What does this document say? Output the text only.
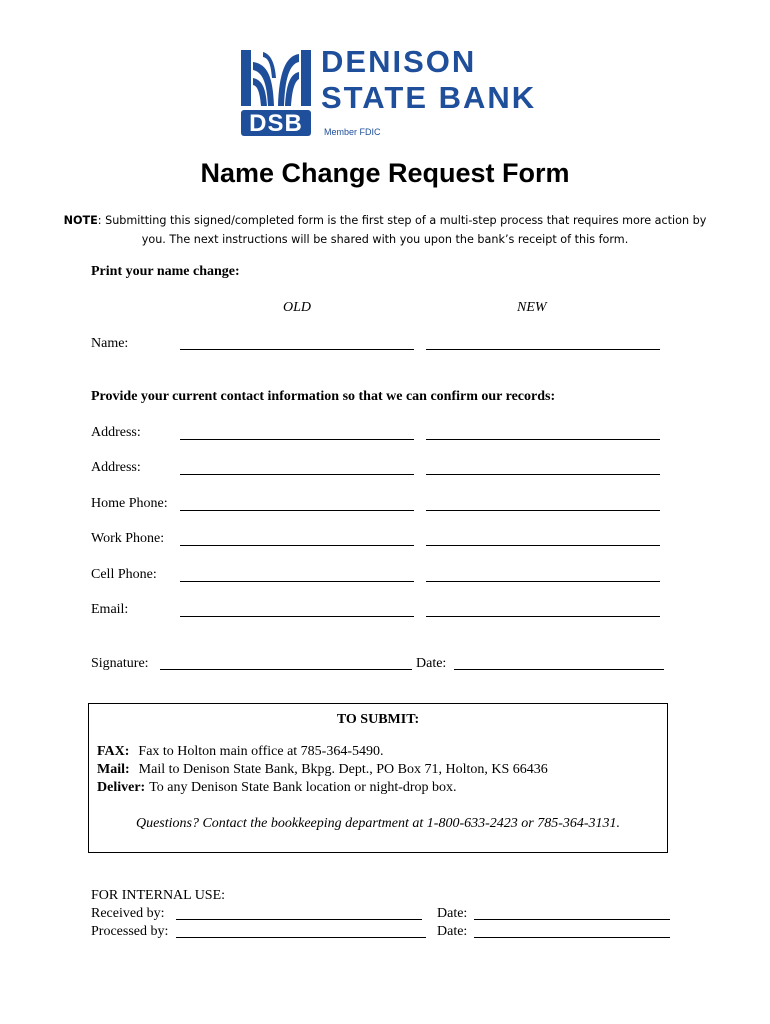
DSB
DENISON
STATE BANK
Member FDIC
Name Change Request Form
NOTE: Submitting this signed/completed form is the first step of a multi-step process that requires more action by you. The next instructions will be shared with you upon the bank’s receipt of this form.
Print your name change:
OLD	NEW
Name:
Provide your current contact information so that we can confirm our records:
Address:
Address:
Home Phone:
Work Phone:
Cell Phone:
Email:
Signature:	Date:
TO SUBMIT:
FAX: Fax to Holton main office at 785-364-5490.
Mail: Mail to Denison State Bank, Bkpg. Dept., PO Box 71, Holton, KS 66436
Deliver: To any Denison State Bank location or night-drop box.
Questions? Contact the bookkeeping department at 1-800-633-2423 or 785-364-3131.
FOR INTERNAL USE:
Received by:	Date:
Processed by:	Date:
